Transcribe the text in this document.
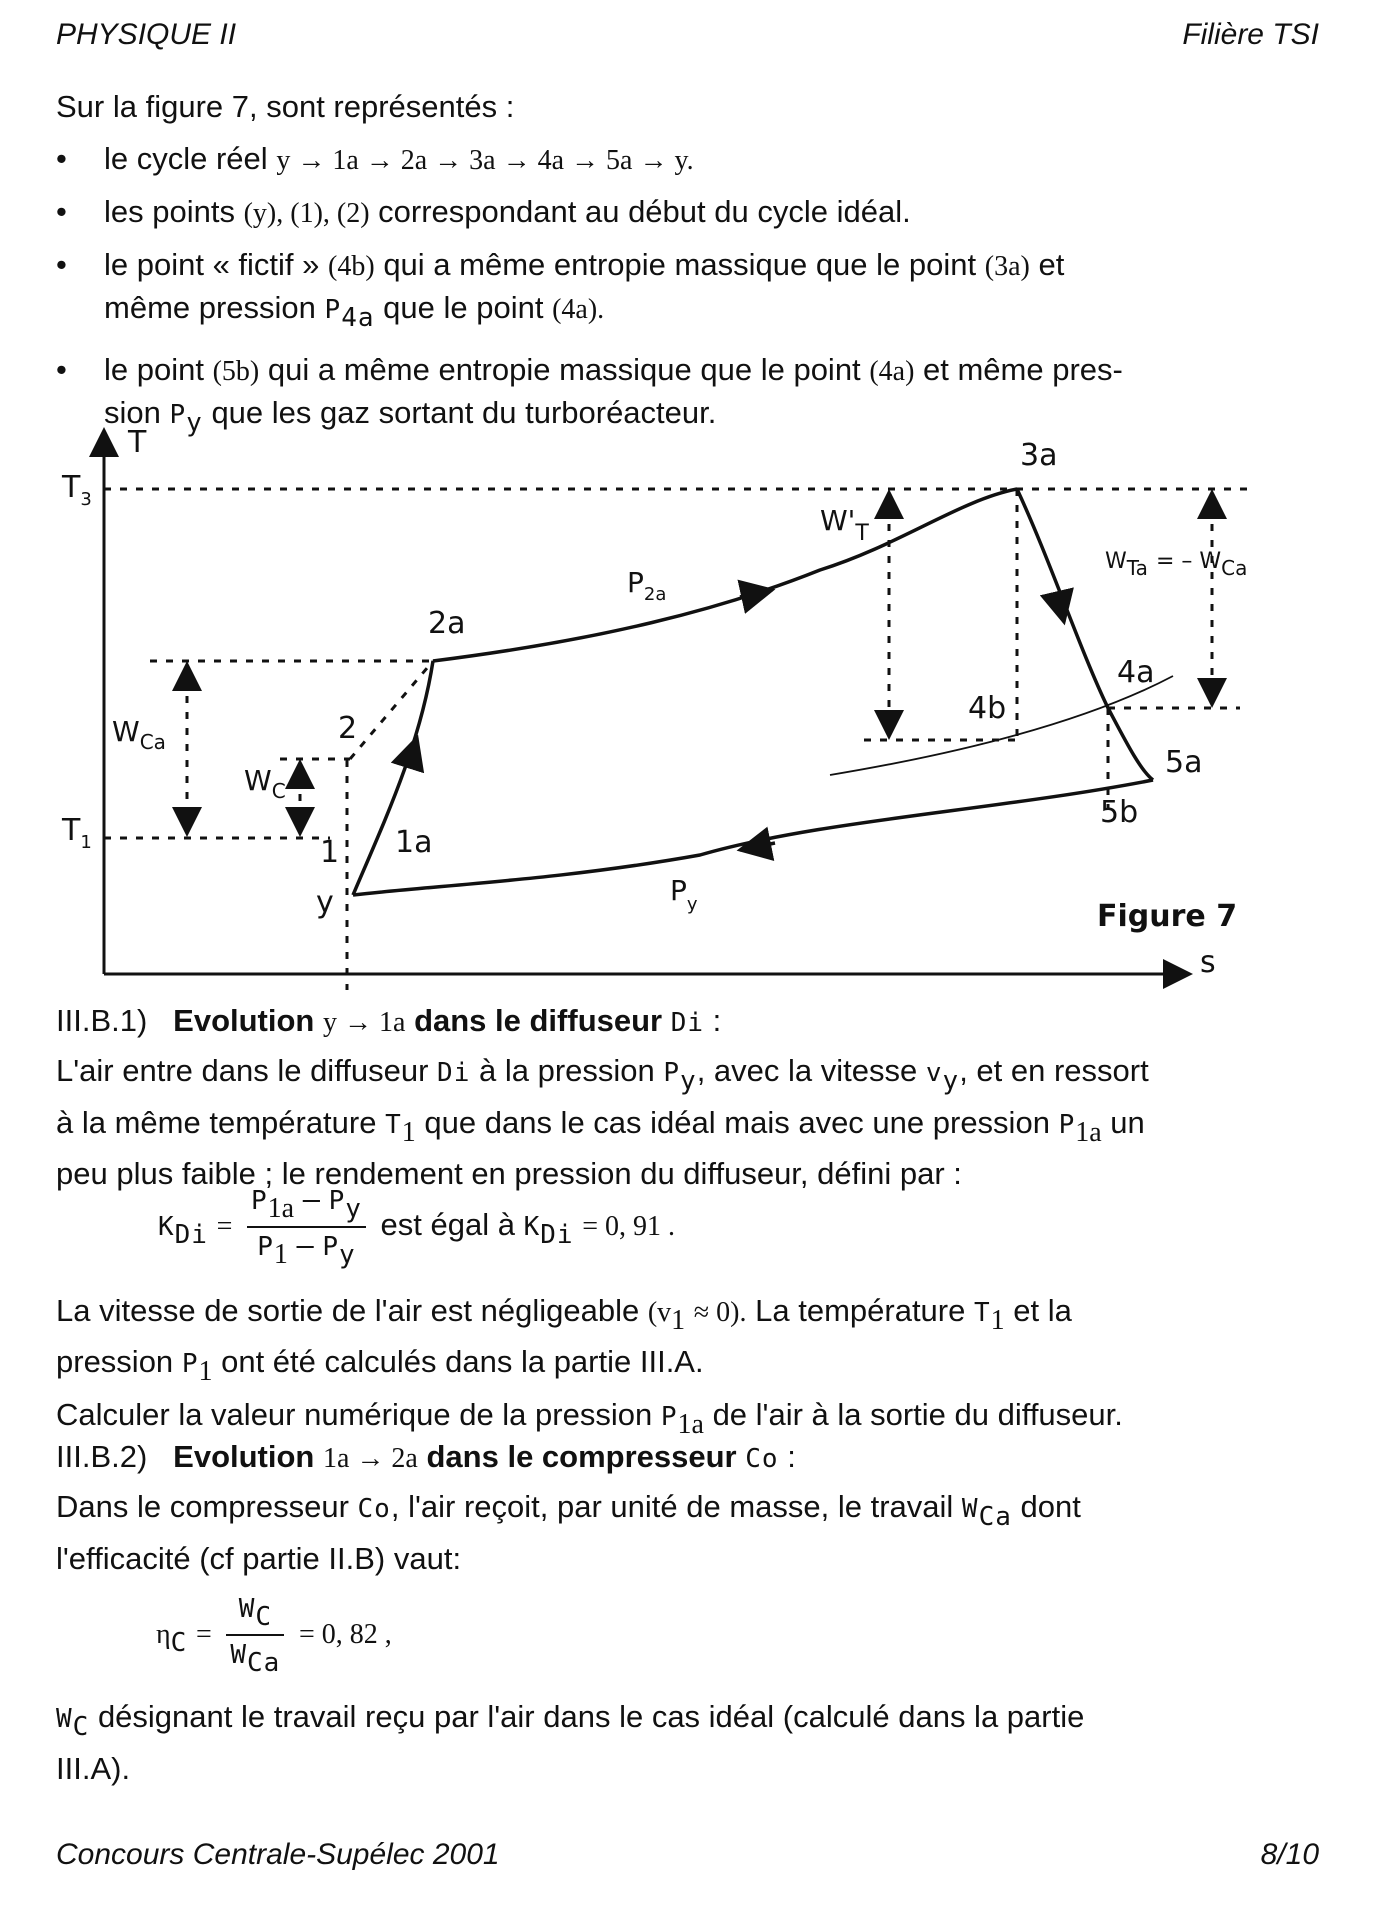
PHYSIQUE II	Filière TSI
Sur la figure 7, sont représentés :
• le cycle réel y → 1a → 2a → 3a → 4a → 5a → y.
• les points (y), (1), (2) correspondant au début du cycle idéal.
• le point « fictif » (4b) qui a même entropie massique que le point (3a) et
même pression $P_{4a}$ que le point (4a).
• le point (5b) qui a même entropie massique que le point (4a) et même pres-
sion $P_y$ que les gaz sortant du turboréacteur.
T
s
$T_3$
$T_1$
3a
2a
2
1 1a
y
4a
4b
5a
5b
$P_{2a}$
$P_y$
$W'_T$
WTa = – WCa
$W_{Ca}$
$W_C$
Figure 7
III.B.1) Evolution y → 1a dans le diffuseur Di :
L'air entre dans le diffuseur Di à la pression $P_y$, avec la vitesse $v_y$, et en ressort
à la même température T1 que dans le cas idéal mais avec une pression P1a un
peu plus faible ; le rendement en pression du diffuseur, défini par :
$K_{Di} = \frac{P1a - P_y}{P1 - P_y}$ est égal à $K_{Di} = 0$, 91 .
La vitesse de sortie de l'air est négligeable (v1 ≈ 0). La température T1 et la
pression P1 ont été calculés dans la partie III.A.
Calculer la valeur numérique de la pression P1a de l'air à la sortie du diffuseur.
III.B.2) Evolution 1a → 2a dans le compresseur Co :
Dans le compresseur Co, l'air reçoit, par unité de masse, le travail $W_{Ca}$ dont
l'efficacité (cf partie II.B) vaut:
$\eta_C = \frac{W_C}{W_{Ca}} = 0$, 82 ,
$W_C$ désignant le travail reçu par l'air dans le cas idéal (calculé dans la partie
III.A).
Concours Centrale-Supélec 2001	8/10
